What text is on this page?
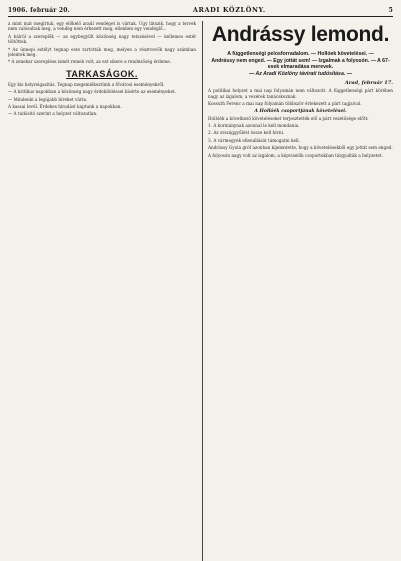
1906. február 20.	ARADI KÖZLÖNY.	5

a mint már megírtuk, egy előkelő aradi vendéget is vártak. Ugy látszik, hogy a tervek nem valósultak meg, a vendég nem érkezett meg, ellenben egy vendéglő...

A bálról a szereplők — az egybegyűlt közönség nagy tetszésével — kellemes estét töltöttek.

* Az ünnepi estélyt tegnap este tartották meg, melyen a résztvevők nagy számban jelentek meg.

* A zenekar szereplése ismét remek volt, az est sikere a rendezőség érdeme.

TARKASÁGOK.

Egy kis helyreigazítás. Tegnap megemlékeztünk a fővárosi eseményekről.

— A kritikus napokban a közönség nagy érdeklődéssel kísérte az eseményeket.

— Mindenki a legújabb híreket várta.

A kassai levél. Érdekes híradást kaptunk a napokban.

— A tudósító szerint a helyzet változatlan.

Andrássy lemond.
A függetlenségi pelosforradalom. — Hollóek követelései. —
Andrássy nem enged. — Egy jottát sem! — Izgalmak a folyosón. — A 67-esek elmaradása merevek.
— Az Aradi Közlöny távirati tudósítása. —
Arad, február 17.

A politikai helyzet a mai nap folyamán nem változott. A függetlenségi párt körében nagy az izgalom, a vezérek tanácskoznak.

Kossuth Ferenc a mai nap folyamán többször értekezett a párt tagjaival.

A Hollóék csoportjának követelései.

Hollóék a következő követeléseket terjesztették elő a párt vezetősége előtt:

1. A kormánynak azonnal le kell mondania.

2. Az országgyűlést össze kell hívni.

3. A vármegyék ellenállását támogatni kell.

Andrássy Gyula gróf azonban kijelentette, hogy a követelésekből egy jottát sem enged.

A folyosón nagy volt az izgalom, a képviselők csoportokban tárgyalták a helyzetet.
